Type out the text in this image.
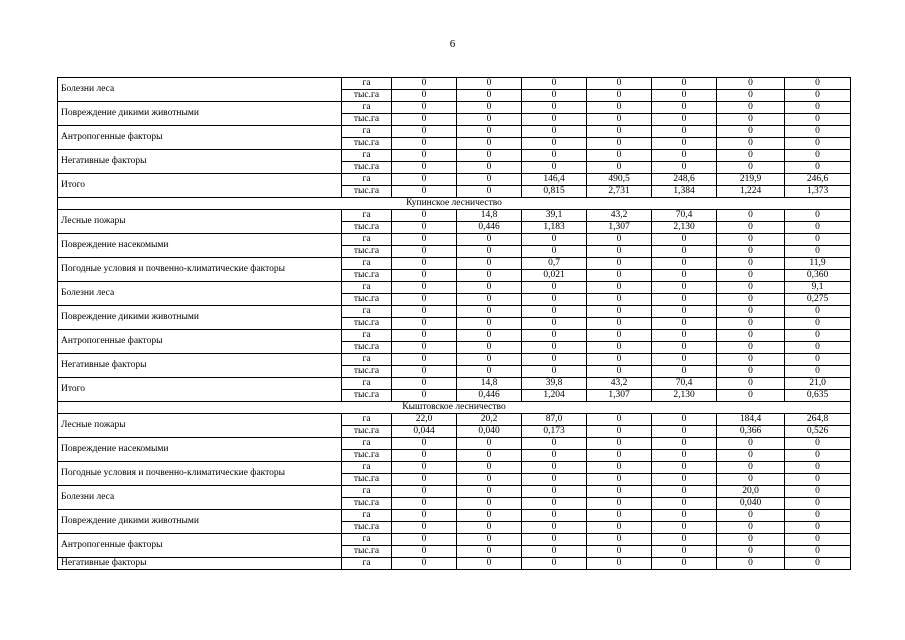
6
Болезни леса	га	0	0	0	0	0	0	0
	тыс.га	0	0	0	0	0	0	0
Повреждение дикими животными	га	0	0	0	0	0	0	0
	тыс.га	0	0	0	0	0	0	0
Антропогенные факторы	га	0	0	0	0	0	0	0
	тыс.га	0	0	0	0	0	0	0
Негативные факторы	га	0	0	0	0	0	0	0
	тыс.га	0	0	0	0	0	0	0
Итого	га	0	0	146,4	490,5	248,6	219,9	246,6
	тыс.га	0	0	0,815	2,731	1,384	1,224	1,373
Купинское лесничество								
Лесные пожары	га	0	14,8	39,1	43,2	70,4	0	0
	тыс.га	0	0,446	1,183	1,307	2,130	0	0
Повреждение насекомыми	га	0	0	0	0	0	0	0
	тыс.га	0	0	0	0	0	0	0
Погодные условия и почвенно-климатические факторы	га	0	0	0,7	0	0	0	11,9
	тыс.га	0	0	0,021	0	0	0	0,360
Болезни леса	га	0	0	0	0	0	0	9,1
	тыс.га	0	0	0	0	0	0	0,275
Повреждение дикими животными	га	0	0	0	0	0	0	0
	тыс.га	0	0	0	0	0	0	0
Антропогенные факторы	га	0	0	0	0	0	0	0
	тыс.га	0	0	0	0	0	0	0
Негативные факторы	га	0	0	0	0	0	0	0
	тыс.га	0	0	0	0	0	0	0
Итого	га	0	14,8	39,8	43,2	70,4	0	21,0
	тыс.га	0	0,446	1,204	1,307	2,130	0	0,635
Кыштовское лесничество								
Лесные пожары	га	22,0	20,2	87,0	0	0	184,4	264,8
	тыс.га	0,044	0,040	0,173	0	0	0,366	0,526
Повреждение насекомыми	га	0	0	0	0	0	0	0
	тыс.га	0	0	0	0	0	0	0
Погодные условия и почвенно-климатические факторы	га	0	0	0	0	0	0	0
	тыс.га	0	0	0	0	0	0	0
Болезни леса	га	0	0	0	0	0	20,0	0
	тыс.га	0	0	0	0	0	0,040	0
Повреждение дикими животными	га	0	0	0	0	0	0	0
	тыс.га	0	0	0	0	0	0	0
Антропогенные факторы	га	0	0	0	0	0	0	0
	тыс.га	0	0	0	0	0	0	0
Негативные факторы	га	0	0	0	0	0	0	0
